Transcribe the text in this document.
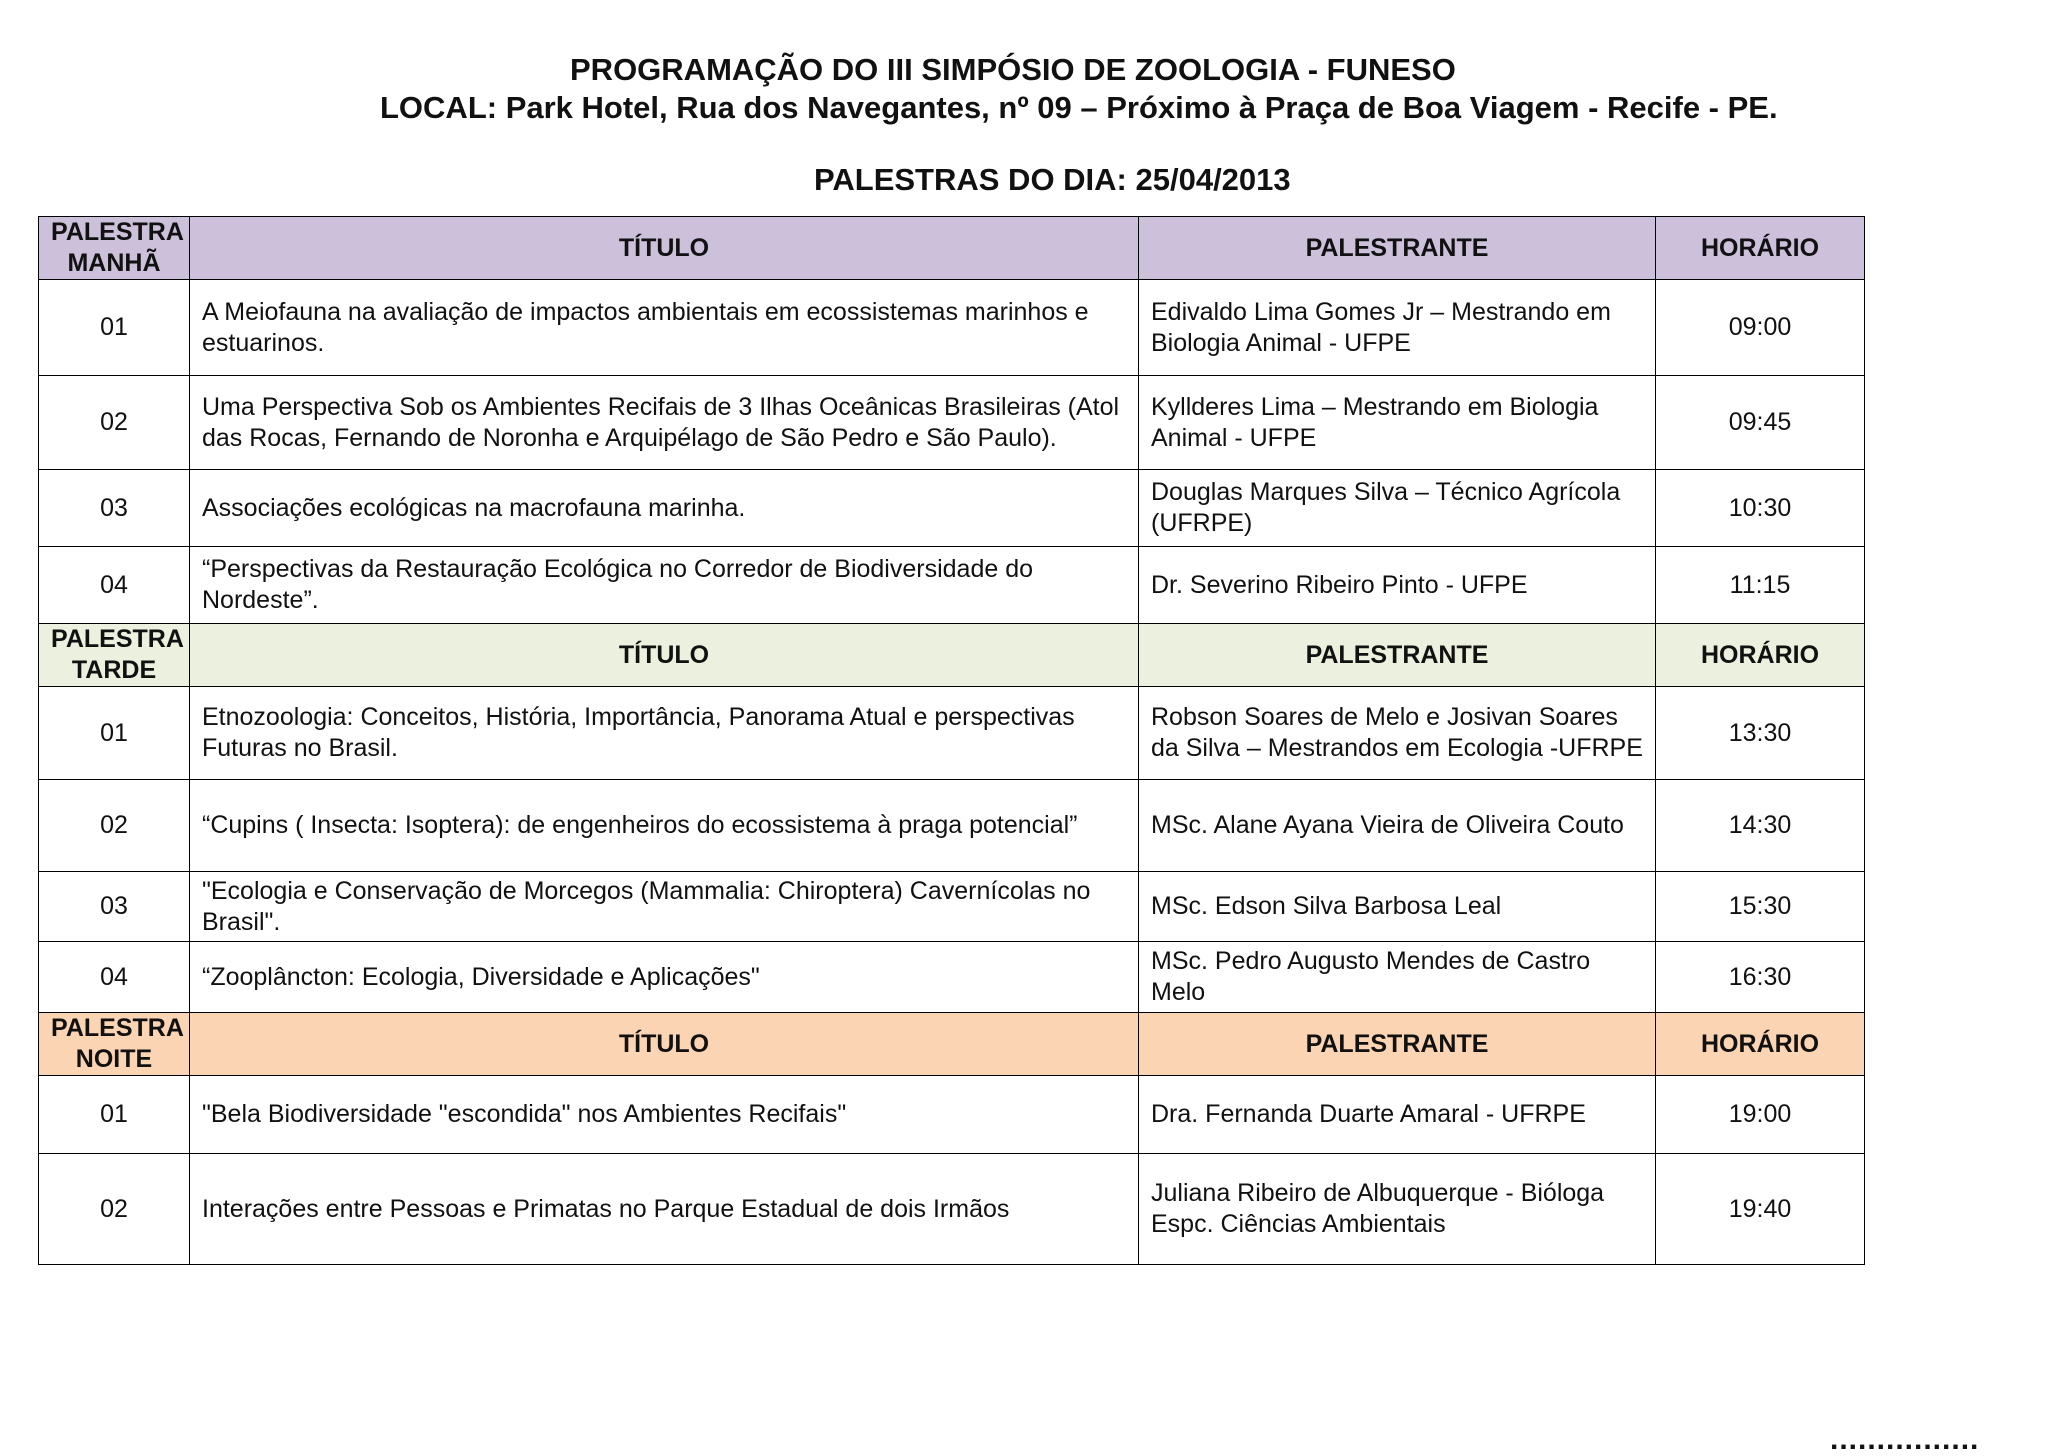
PROGRAMAÇÃO DO III SIMPÓSIO DE ZOOLOGIA - FUNESO
LOCAL: Park Hotel, Rua dos Navegantes, nº 09 – Próximo à Praça de Boa Viagem - Recife - PE.
PALESTRAS DO DIA: 25/04/2013
PALESTRA
MANHÃ	TÍTULO	PALESTRANTE	HORÁRIO
01	A Meiofauna na avaliação de impactos ambientais em ecossistemas marinhos e estuarinos.	Edivaldo Lima Gomes Jr – Mestrando em Biologia Animal - UFPE	09:00
02	Uma Perspectiva Sob os Ambientes Recifais de 3 Ilhas Oceânicas Brasileiras (Atol das Rocas, Fernando de Noronha e Arquipélago de São Pedro e São Paulo).	Kyllderes Lima – Mestrando em Biologia Animal - UFPE	09:45
03	Associações ecológicas na macrofauna marinha.	Douglas Marques Silva – Técnico Agrícola (UFRPE)	10:30
04	“Perspectivas da Restauração Ecológica no Corredor de Biodiversidade do Nordeste”.	Dr. Severino Ribeiro Pinto - UFPE	11:15
PALESTRA
TARDE	TÍTULO	PALESTRANTE	HORÁRIO
01	Etnozoologia: Conceitos, História, Importância, Panorama Atual e perspectivas Futuras no Brasil.	Robson Soares de Melo e Josivan Soares da Silva – Mestrandos em Ecologia -UFRPE	13:30
02	“Cupins ( Insecta: Isoptera): de engenheiros do ecossistema à praga potencial”	MSc. Alane Ayana Vieira de Oliveira Couto	14:30
03	"Ecologia e Conservação de Morcegos (Mammalia: Chiroptera) Cavernícolas no Brasil".	MSc. Edson Silva Barbosa Leal	15:30
04	“Zooplâncton: Ecologia, Diversidade e Aplicações"	MSc. Pedro Augusto Mendes de Castro Melo	16:30
PALESTRA
NOITE	TÍTULO	PALESTRANTE	HORÁRIO
01	"Bela Biodiversidade "escondida" nos Ambientes Recifais"	Dra. Fernanda Duarte Amaral - UFRPE	19:00
02	Interações entre Pessoas e Primatas no Parque Estadual de dois Irmãos	Juliana Ribeiro de Albuquerque - Bióloga Espc. Ciências Ambientais	19:40
................
